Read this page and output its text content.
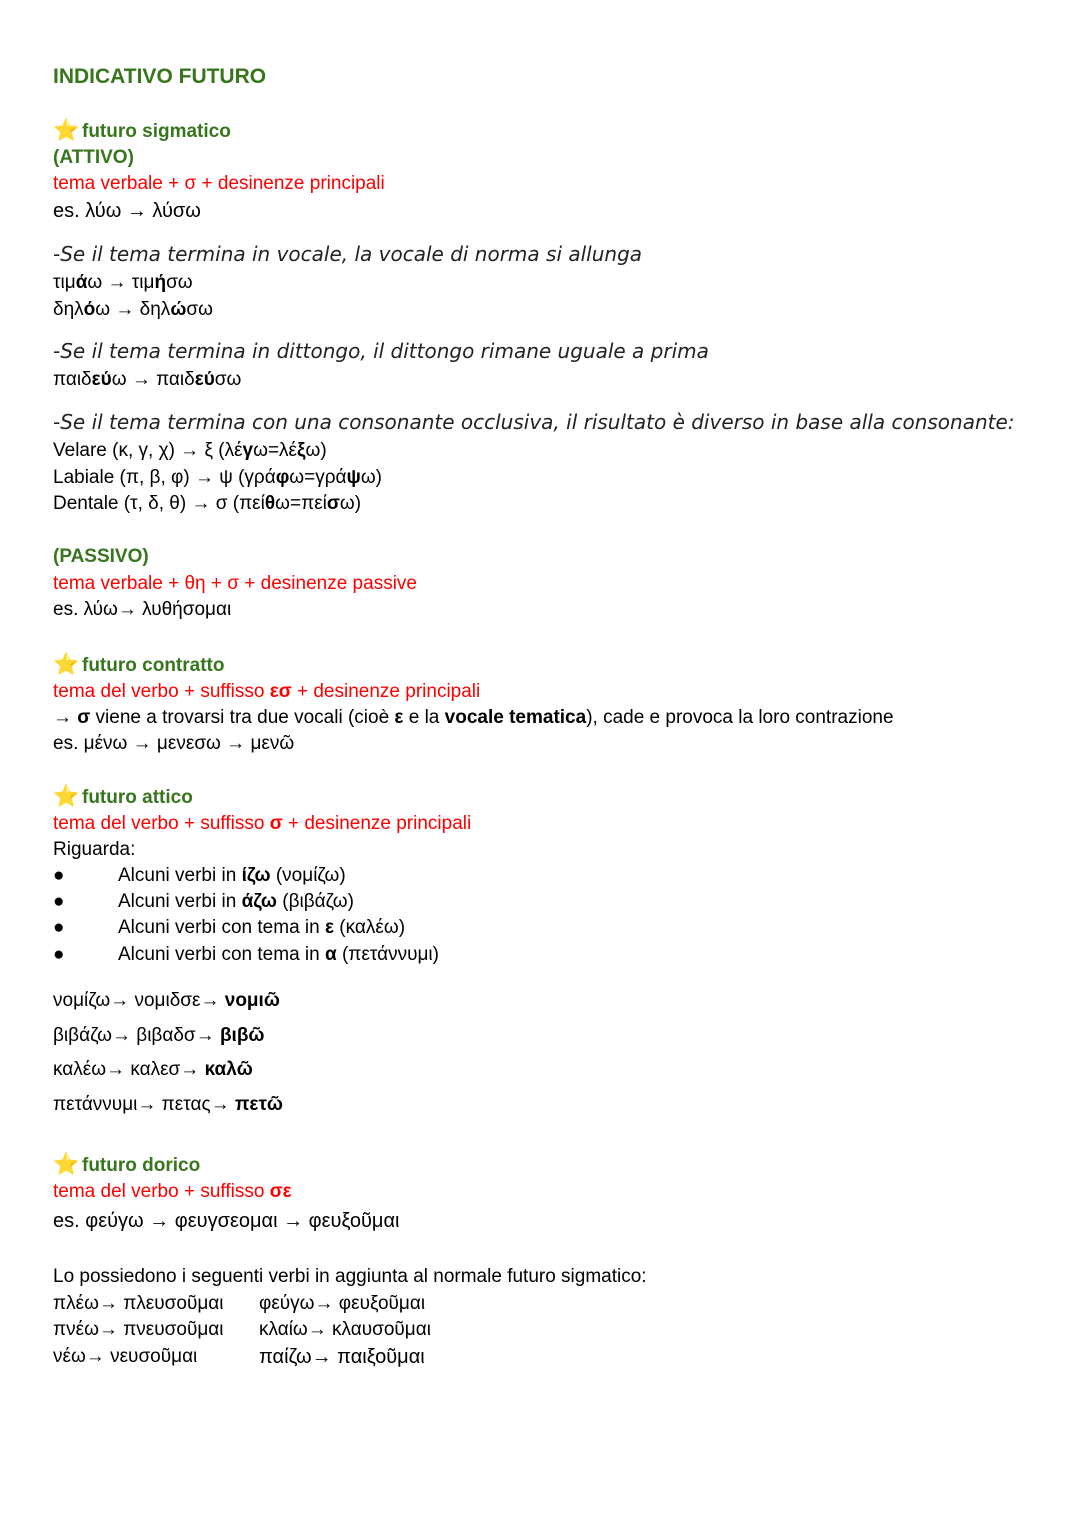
INDICATIVO FUTURO
⭐ futuro sigmatico
(ATTIVO)
tema verbale + σ + desinenze principali
es. λύω → λύσω
-Se il tema termina in vocale, la vocale di norma si allunga
τιμάω → τιμήσω
δηλόω → δηλώσω
-Se il tema termina in dittongo, il dittongo rimane uguale a prima
παιδεύω → παιδεύσω
-Se il tema termina con una consonante occlusiva, il risultato è diverso in base alla consonante:
Velare (κ, γ, χ) → ξ (λέγω=λέξω)
Labiale (π, β, φ) → ψ (γράφω=γράψω)
Dentale (τ, δ, θ) → σ (πείθω=πείσω)
(PASSIVO)
tema verbale + θη + σ + desinenze passive
es. λύω→ λυθήσομαι
⭐ futuro contratto
tema del verbo + suffisso εσ + desinenze principali
→ σ viene a trovarsi tra due vocali (cioè ε e la vocale tematica), cade e provoca la loro contrazione
es. μένω → μενεσω → μενῶ
⭐ futuro attico
tema del verbo + suffisso σ + desinenze principali
Riguarda:
●	Alcuni verbi in ίζω (νομίζω)
●	Alcuni verbi in άζω (βιβάζω)
●	Alcuni verbi con tema in ε (καλέω)
●	Alcuni verbi con tema in α (πετάννυμι)
νομίζω→ νομιδσε→ νομιῶ
βιβάζω→ βιβαδσ→ βιβῶ
καλέω→ καλεσ→ καλῶ
πετάννυμι→ πετας→ πετῶ
⭐ futuro dorico
tema del verbo + suffisso σε
es. φεύγω → φευγσεομαι → φευξοῦμαι
Lo possiedono i seguenti verbi in aggiunta al normale futuro sigmatico:
πλέω→ πλευσοῦμαι φεύγω→ φευξοῦμαι
πνέω→ πνευσοῦμαι κλαίω→ κλαυσοῦμαι
νέω→ νευσοῦμαι	παίζω→ παιξοῦμαι
